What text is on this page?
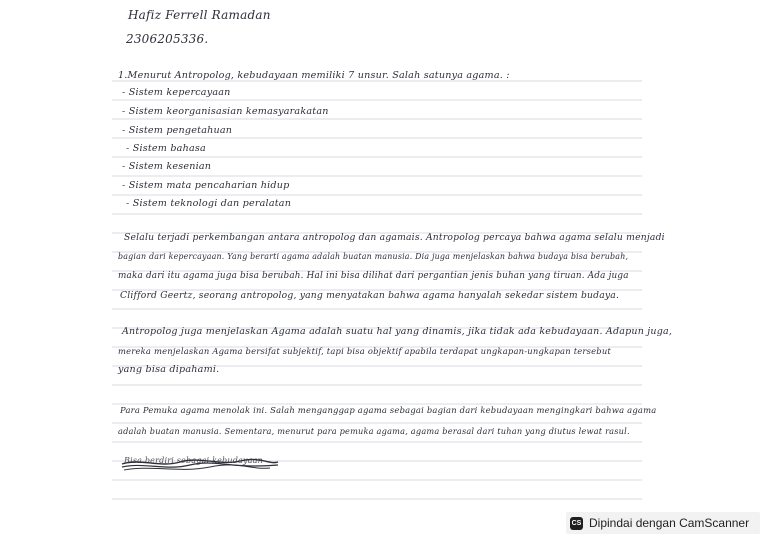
Hafiz Ferrell Ramadan
2306205336.
1.Menurut Antropolog, kebudayaan memiliki 7 unsur. Salah satunya agama. :
- Sistem kepercayaan
- Sistem keorganisasian kemasyarakatan
- Sistem pengetahuan
- Sistem bahasa
- Sistem kesenian
- Sistem mata pencaharian hidup
- Sistem teknologi dan peralatan
Selalu terjadi perkembangan antara antropolog dan agamais. Antropolog percaya bahwa agama selalu menjadi
bagian dari kepercayaan. Yang berarti agama adalah buatan manusia. Dia juga menjelaskan bahwa budaya bisa berubah,
maka dari itu agama juga bisa berubah. Hal ini bisa dilihat dari pergantian jenis buhan yang tiruan. Ada juga
Clifford Geertz, seorang antropolog, yang menyatakan bahwa agama hanyalah sekedar sistem budaya.
Antropolog juga menjelaskan Agama adalah suatu hal yang dinamis, jika tidak ada kebudayaan. Adapun juga,
mereka menjelaskan Agama bersifat subjektif, tapi bisa objektif apabila terdapat ungkapan-ungkapan tersebut
yang bisa dipahami.
Para Pemuka agama menolak ini. Salah menganggap agama sebagai bagian dari kebudayaan mengingkari bahwa agama
adalah buatan manusia. Sementara, menurut para pemuka agama, agama berasal dari tuhan yang diutus lewat rasul.
Bisa berdiri sebagai kebudayaan
CS Dipindai dengan CamScanner
